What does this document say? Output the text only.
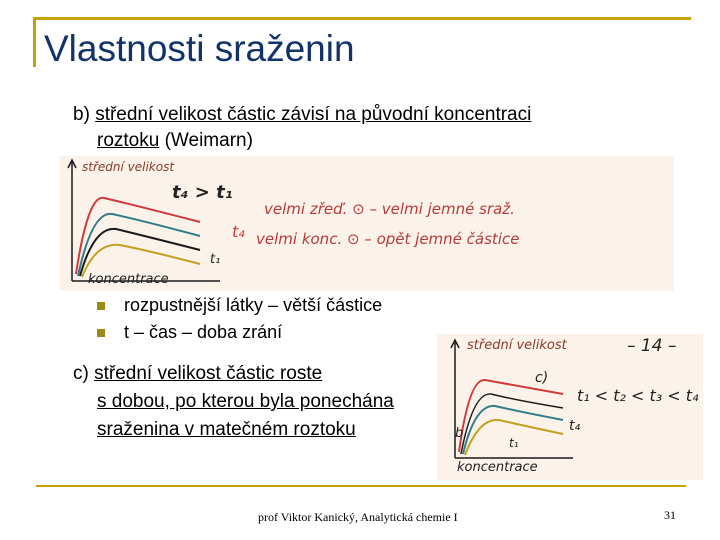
Vlastnosti sraženin
b) střední velikost částic závisí na původní koncentraci
roztoku (Weimarn)
střední velikost
t₄ > t₁
t₄
t₁
koncentrace
velmi zřeď. ⊙ – velmi jemné sraž.
velmi konc. ⊙ – opět jemné částice
rozpustnější látky – větší částice
t – čas – doba zrání
c) střední velikost částic roste
s dobou, po kterou byla ponechána
sraženina v matečném roztoku
střední velikost	– 14 –
c)
t₁ < t₂ < t₃ < t₄
t₄
t₁
b
koncentrace
prof Viktor Kanický, Analytická chemie I	31
